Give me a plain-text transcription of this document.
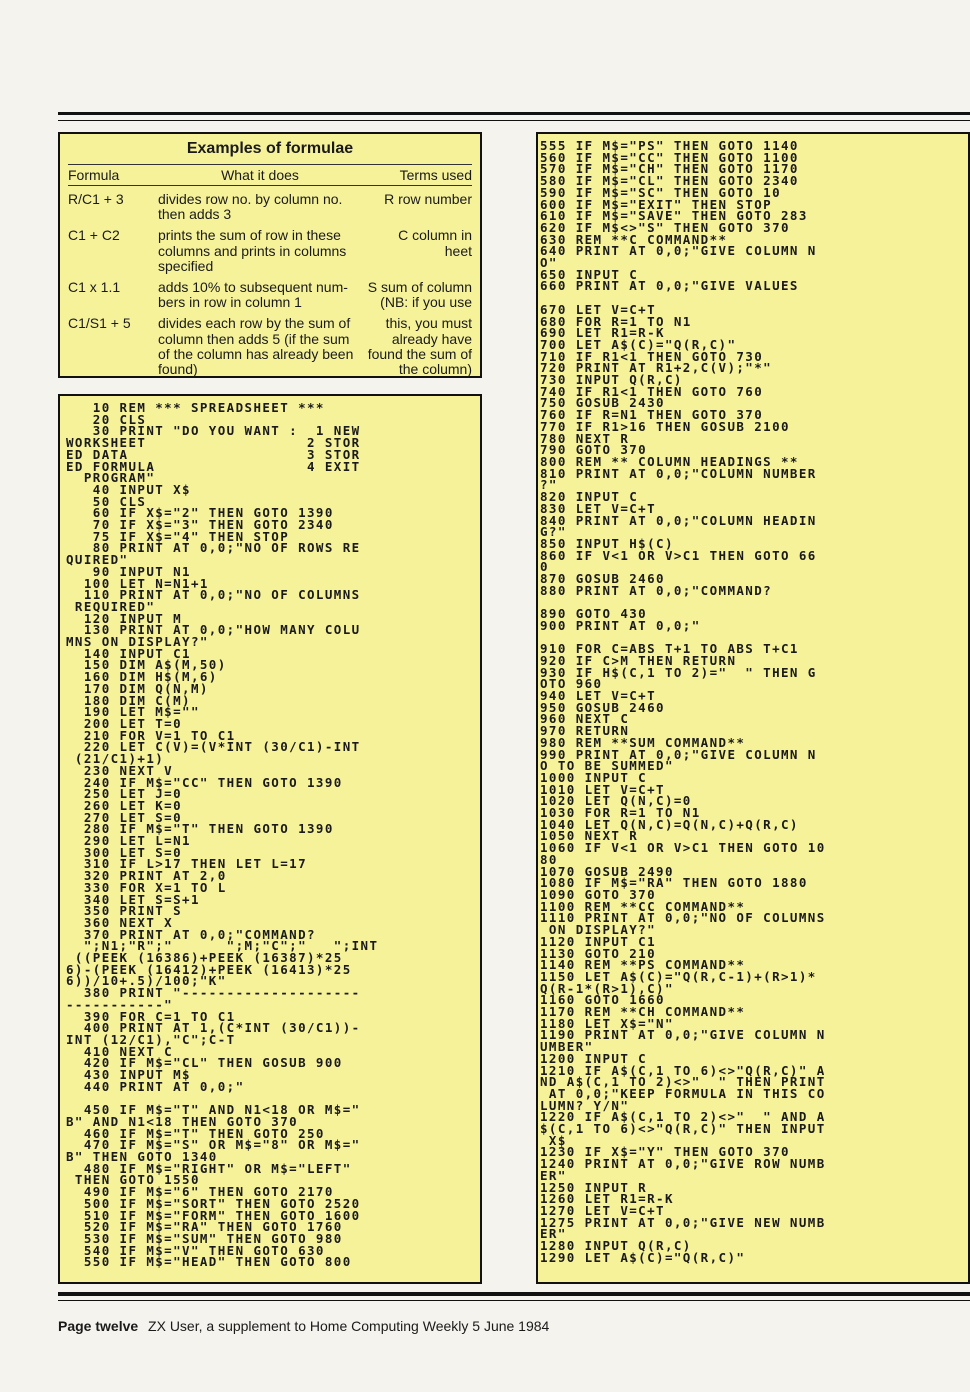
Examples of formulae
Formula	What it does	Terms used
R/C1 + 3	divides row no. by column no.	R row number

then adds 3

C1 + C2	prints the sum of row in these	C column in

columns and prints in columns	heet

specified

C1 x 1.1	adds 10% to subsequent num-	S sum of column

bers in row in column 1	(NB: if you use
C1/S1 + 5	divides each row by the sum of	this, you must

column then adds 5 (if the sum	already have

of the column has already been	found the sum of

found)	the column)
10 REM *** SPREADSHEET ***
20 CLS
30 PRINT "DO YOU WANT :  1 NEW
WORKSHEET                  2 STOR
ED DATA                    3 STOR
ED FORMULA                 4 EXIT
PROGRAM"
40 INPUT X$
50 CLS
60 IF X$="2" THEN GOTO 1390
70 IF X$="3" THEN GOTO 2340
75 IF X$="4" THEN STOP
80 PRINT AT 0,0;"NO OF ROWS RE
QUIRED"
90 INPUT N1
100 LET N=N1+1
110 PRINT AT 0,0;"NO OF COLUMNS
REQUIRED"
120 INPUT M
130 PRINT AT 0,0;"HOW MANY COLU
MNS ON DISPLAY?"
140 INPUT C1
150 DIM A$(M,50)
160 DIM H$(M,6)
170 DIM Q(N,M)
180 DIM C(M)
190 LET M$=""
200 LET T=0
210 FOR V=1 TO C1
220 LET C(V)=(V*INT (30/C1)-INT
(21/C1)+1)
230 NEXT V
240 IF M$="CC" THEN GOTO 1390
250 LET J=0
260 LET K=0
270 LET S=0
280 IF M$="T" THEN GOTO 1390
290 LET L=N1
300 LET S=0
310 IF L>17 THEN LET L=17
320 PRINT AT 2,0
330 FOR X=1 TO L
340 LET S=S+1
350 PRINT S
360 NEXT X
370 PRINT AT 0,0;"COMMAND?
";N1;"R";"      ";M;"C";"   ";INT
((PEEK (16386)+PEEK (16387)*25
6)-(PEEK (16412)+PEEK (16413)*25
6))/10+.5)/100;"K"
380 PRINT "--------------------
-----------"
390 FOR C=1 TO C1
400 PRINT AT 1,(C*INT (30/C1))-
INT (12/C1),"C";C-T
410 NEXT C
420 IF M$="CL" THEN GOSUB 900
430 INPUT M$
440 PRINT AT 0,0;"

450 IF M$="T" AND N1<18 OR M$="
B" AND N1<18 THEN GOTO 370
460 IF M$="T" THEN GOTO 250
470 IF M$="S" OR M$="8" OR M$="
B" THEN GOTO 1340
480 IF M$="RIGHT" OR M$="LEFT"
THEN GOTO 1550
490 IF M$="6" THEN GOTO 2170
500 IF M$="SORT" THEN GOTO 2520
510 IF M$="FORM" THEN GOTO 1600
520 IF M$="RA" THEN GOTO 1760
530 IF M$="SUM" THEN GOTO 980
540 IF M$="V" THEN GOTO 630
550 IF M$="HEAD" THEN GOTO 800

555 IF M$="PS" THEN GOTO 1140
560 IF M$="CC" THEN GOTO 1100
570 IF M$="CH" THEN GOTO 1170
580 IF M$="CL" THEN GOTO 2340
590 IF M$="SC" THEN GOTO 10
600 IF M$="EXIT" THEN STOP
610 IF M$="SAVE" THEN GOTO 283
620 IF M$<>"S" THEN GOTO 370
630 REM **C COMMAND**
640 PRINT AT 0,0;"GIVE COLUMN N
O"
650 INPUT C
660 PRINT AT 0,0;"GIVE VALUES

670 LET V=C+T
680 FOR R=1 TO N1
690 LET R1=R-K
700 LET A$(C)="Q(R,C)"
710 IF R1<1 THEN GOTO 730
720 PRINT AT R1+2,C(V);"*"
730 INPUT Q(R,C)
740 IF R1<1 THEN GOTO 760
750 GOSUB 2430
760 IF R=N1 THEN GOTO 370
770 IF R1>16 THEN GOSUB 2100
780 NEXT R
790 GOTO 370
800 REM ** COLUMN HEADINGS **
810 PRINT AT 0,0;"COLUMN NUMBER
?"
820 INPUT C
830 LET V=C+T
840 PRINT AT 0,0;"COLUMN HEADIN
G?"
850 INPUT H$(C)
860 IF V<1 OR V>C1 THEN GOTO 66
0
870 GOSUB 2460
880 PRINT AT 0,0;"COMMAND?

890 GOTO 430
900 PRINT AT 0,0;"

910 FOR C=ABS T+1 TO ABS T+C1
920 IF C>M THEN RETURN
930 IF H$(C,1 TO 2)="  " THEN G
OTO 960
940 LET V=C+T
950 GOSUB 2460
960 NEXT C
970 RETURN
980 REM **SUM COMMAND**
990 PRINT AT 0,0;"GIVE COLUMN N
O TO BE SUMMED"
1000 INPUT C
1010 LET V=C+T
1020 LET Q(N,C)=0
1030 FOR R=1 TO N1
1040 LET Q(N,C)=Q(N,C)+Q(R,C)
1050 NEXT R
1060 IF V<1 OR V>C1 THEN GOTO 10
80
1070 GOSUB 2490
1080 IF M$="RA" THEN GOTO 1880
1090 GOTO 370
1100 REM **CC COMMAND**
1110 PRINT AT 0,0;"NO OF COLUMNS
ON DISPLAY?"
1120 INPUT C1
1130 GOTO 210
1140 REM **PS COMMAND**
1150 LET A$(C)="Q(R,C-1)+(R>1)*
Q(R-1*(R>1),C)"
1160 GOTO 1660
1170 REM **CH COMMAND**
1180 LET X$="N"
1190 PRINT AT 0,0;"GIVE COLUMN N
UMBER"
1200 INPUT C
1210 IF A$(C,1 TO 6)<>"Q(R,C)" A
ND A$(C,1 TO 2)<>"  " THEN PRINT
AT 0,0;"KEEP FORMULA IN THIS CO
LUMN? Y/N"
1220 IF A$(C,1 TO 2)<>"  " AND A
$(C,1 TO 6)<>"Q(R,C)" THEN INPUT
X$
1230 IF X$="Y" THEN GOTO 370
1240 PRINT AT 0,0;"GIVE ROW NUMB
ER"
1250 INPUT R
1260 LET R1=R-K
1270 LET V=C+T
1275 PRINT AT 0,0;"GIVE NEW NUMB
ER"
1280 INPUT Q(R,C)
1290 LET A$(C)="Q(R,C)"

Page twelve ZX User, a supplement to Home Computing Weekly 5 June 1984
